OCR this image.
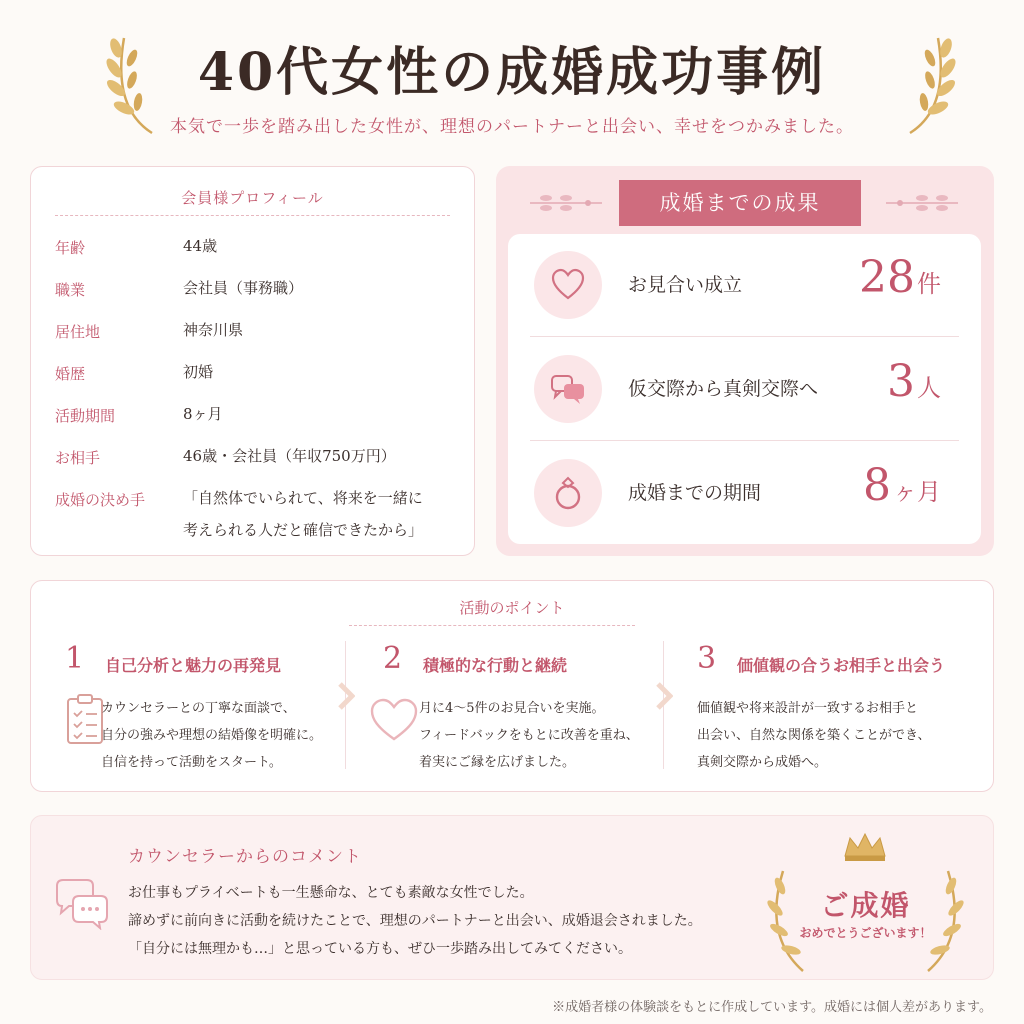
40代女性の成婚成功事例
本気で一歩を踏み出した女性が、理想のパートナーと出会い、幸せをつかみました。
会員様プロフィール
年齢	44歳
職業	会社員（事務職）
居住地	神奈川県
婚歴	初婚
活動期間	8ヶ月
お相手	46歳・会社員（年収750万円）
成婚の決め手	「自然体でいられて、将来を一緒に
考えられる人だと確信できたから」
成婚までの成果
お見合い成立	28件
仮交際から真剣交際へ 3人
成婚までの期間 8ヶ月
活動のポイント
1 自己分析と魅力の再発見
カウンセラーとの丁寧な面談で、
自分の強みや理想の結婚像を明確に。
自信を持って活動をスタート。
2 積極的な行動と継続
月に4〜5件のお見合いを実施。
フィードバックをもとに改善を重ね、
着実にご縁を広げました。
3 価値観の合うお相手と出会う
価値観や将来設計が一致するお相手と
出会い、自然な関係を築くことができ、
真剣交際から成婚へ。
カウンセラーからのコメント
お仕事もプライベートも一生懸命な、とても素敵な女性でした。
諦めずに前向きに活動を続けたことで、理想のパートナーと出会い、成婚退会されました。
「自分には無理かも…」と思っている方も、ぜひ一歩踏み出してみてください。
ご成婚
おめでとうございます！
※成婚者様の体験談をもとに作成しています。成婚には個人差があります。
